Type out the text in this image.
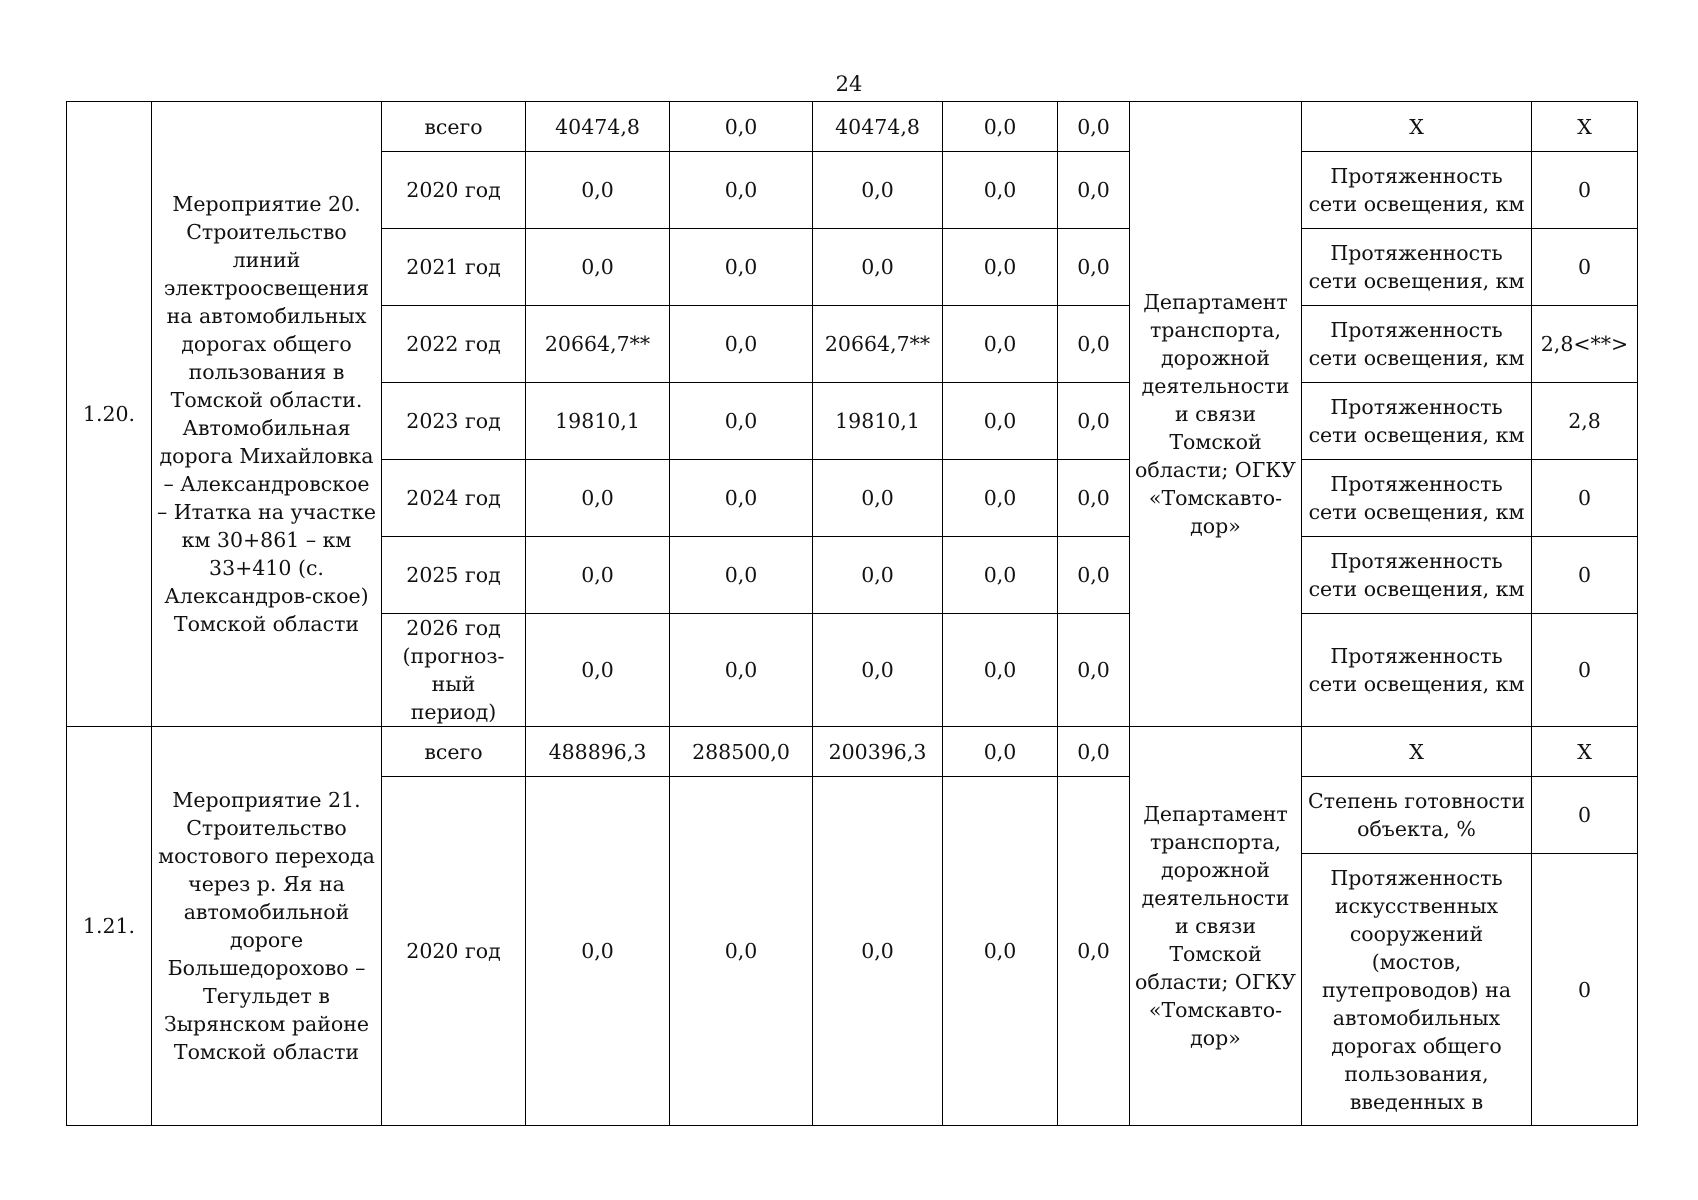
24
1.20.	Мероприятие 20. Строительство линий электроосвещения на автомобильных дорогах общего пользования в Томской области. Автомобильная дорога Михайловка – Александровское – Итатка на участке км 30+861 – км 33+410 (с. Александров-ское) Томской области	всего	40474,8	0,0	40474,8	0,0	0,0	Департамент транспорта, дорожной деятельности и связи Томской области; ОГКУ «Томскавто-дор»	Х	Х
		2020 год	0,0	0,0	0,0	0,0	0,0		Протяженность сети освещения, км	0
		2021 год	0,0	0,0	0,0	0,0	0,0		Протяженность сети освещения, км	0
		2022 год	20664,7**	0,0	20664,7**	0,0	0,0		Протяженность сети освещения, км	2,8<**>
		2023 год	19810,1	0,0	19810,1	0,0	0,0		Протяженность сети освещения, км	2,8
		2024 год	0,0	0,0	0,0	0,0	0,0		Протяженность сети освещения, км	0
		2025 год	0,0	0,0	0,0	0,0	0,0		Протяженность сети освещения, км	0
		2026 год (прогноз-ный период)	0,0	0,0	0,0	0,0	0,0		Протяженность сети освещения, км	0
1.21.	Мероприятие 21. Строительство мостового перехода через р. Яя на автомобильной дороге Большедорохово – Тегульдет в Зырянском районе Томской области	всего	488896,3	288500,0	200396,3	0,0	0,0	Департамент транспорта, дорожной деятельности и связи Томской области; ОГКУ «Томскавто-дор»	Х	Х
		2020 год	0,0	0,0	0,0	0,0	0,0		Степень готовности объекта, %	0
									Протяженность искусственных сооружений (мостов, путепроводов) на автомобильных дорогах общего пользования, введенных в	0
